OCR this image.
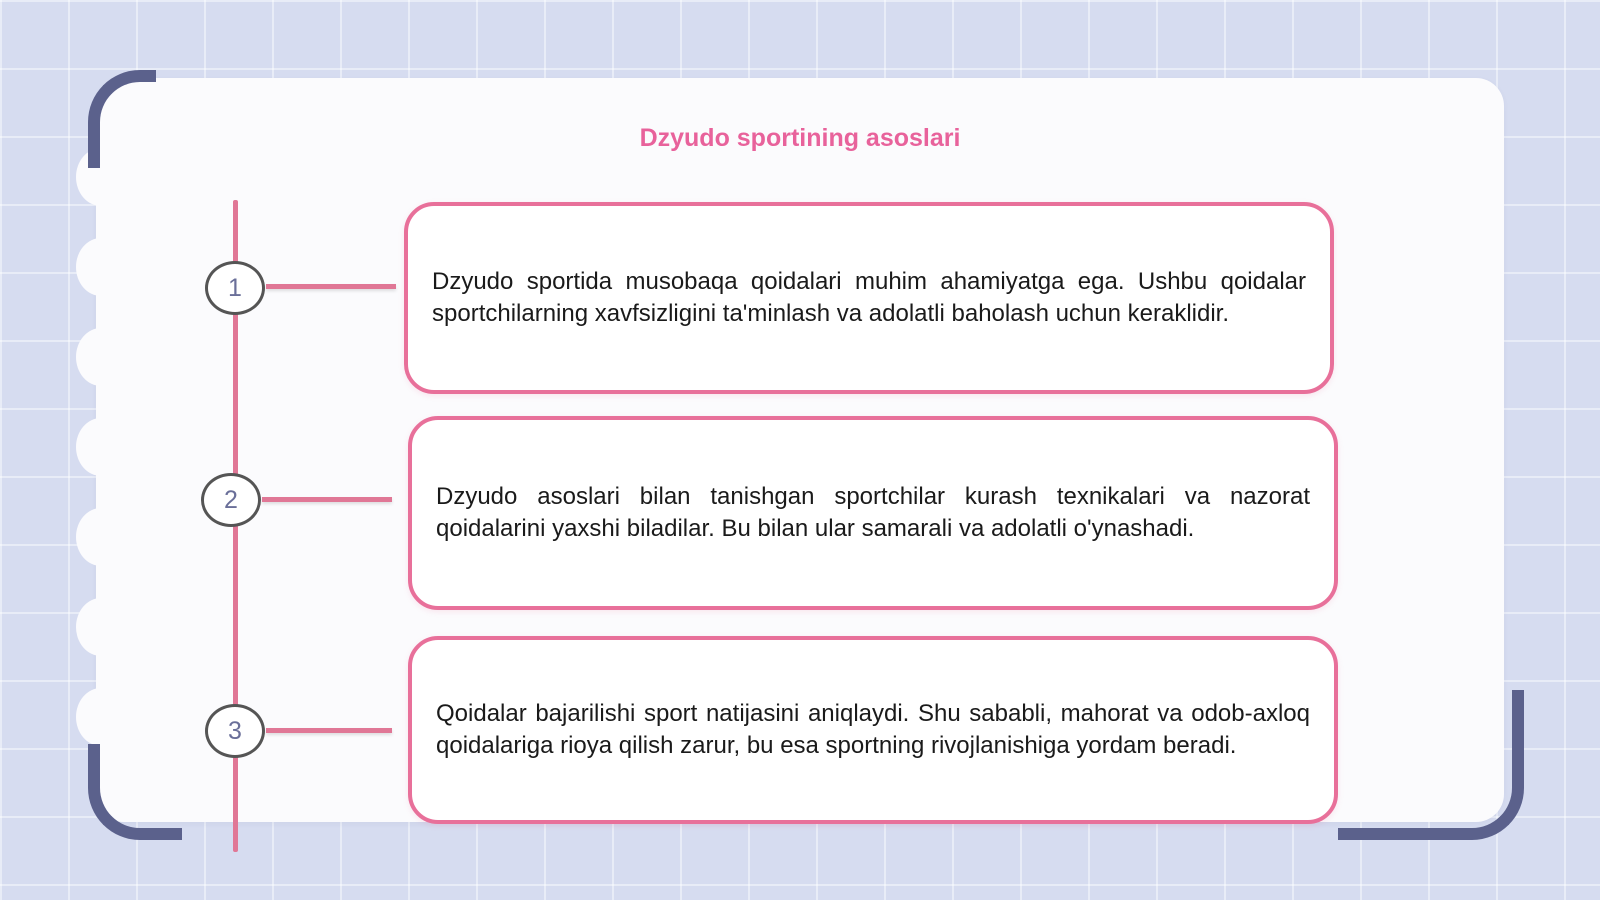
Dzyudo sportining asoslari
1	Dzyudo sportida musobaqa qoidalari muhim ahamiyatga ega. Ushbu qoidalar sportchilarning xavfsizligini ta'minlash va adolatli baholash uchun keraklidir.
2	Dzyudo asoslari bilan tanishgan sportchilar kurash texnikalari va nazorat qoidalarini yaxshi biladilar. Bu bilan ular samarali va adolatli o'ynashadi.
3
Qoidalar bajarilishi sport natijasini aniqlaydi. Shu sababli, mahorat va odob-axloq qoidalariga rioya qilish zarur, bu esa sportning rivojlanishiga yordam beradi.
